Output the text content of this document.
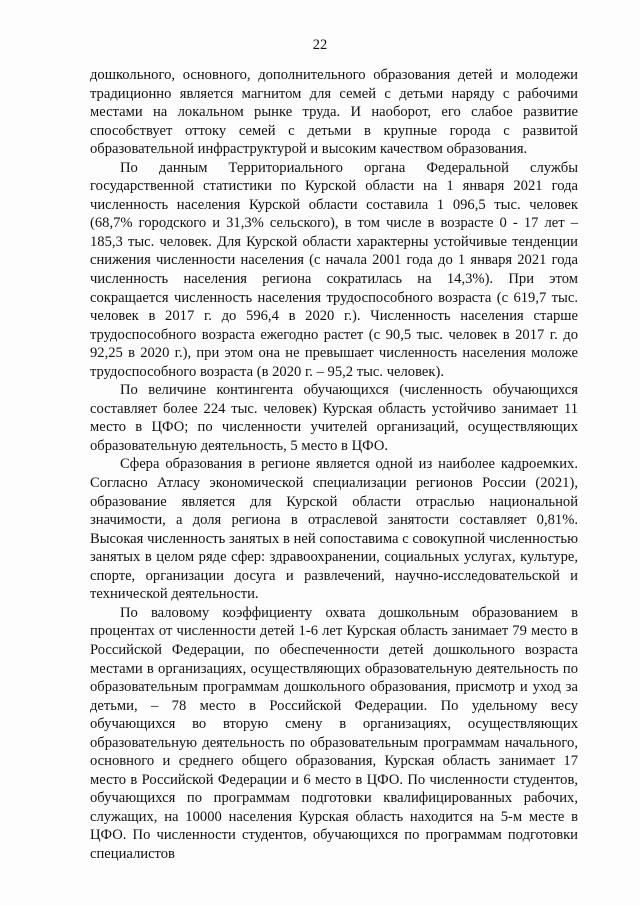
22

дошкольного, основного, дополнительного образования детей и молодежи традиционно является магнитом для семей с детьми наряду с рабочими местами на локальном рынке труда. И наоборот, его слабое развитие способствует оттоку семей с детьми в крупные города с развитой образовательной инфраструктурой и высоким качеством образования.

По данным Территориального органа Федеральной службы государственной статистики по Курской области на 1 января 2021 года численность населения Курской области составила 1 096,5 тыс. человек (68,7% городского и 31,3% сельского), в том числе в возрасте 0 - 17 лет – 185,3 тыс. человек. Для Курской области характерны устойчивые тенденции снижения численности населения (с начала 2001 года до 1 января 2021 года численность населения региона сократилась на 14,3%). При этом сокращается численность населения трудоспособного возраста (с 619,7 тыс. человек в 2017 г. до 596,4 в 2020 г.). Численность населения старше трудоспособного возраста ежегодно растет (с 90,5 тыс. человек в 2017 г. до 92,25 в 2020 г.), при этом она не превышает численность населения моложе трудоспособного возраста (в 2020 г. – 95,2 тыс. человек).

По величине контингента обучающихся (численность обучающихся составляет более 224 тыс. человек) Курская область устойчиво занимает 11 место в ЦФО; по численности учителей организаций, осуществляющих образовательную деятельность, 5 место в ЦФО.

Сфера образования в регионе является одной из наиболее кадроемких. Согласно Атласу экономической специализации регионов России (2021), образование является для Курской области отраслью национальной значимости, а доля региона в отраслевой занятости составляет 0,81%. Высокая численность занятых в ней сопоставима с совокупной численностью занятых в целом ряде сфер: здравоохранении, социальных услугах, культуре, спорте, организации досуга и развлечений, научно-исследовательской и технической деятельности.

По валовому коэффициенту охвата дошкольным образованием в процентах от численности детей 1-6 лет Курская область занимает 79 место в Российской Федерации, по обеспеченности детей дошкольного возраста местами в организациях, осуществляющих образовательную деятельность по образовательным программам дошкольного образования, присмотр и уход за детьми, – 78 место в Российской Федерации. По удельному весу обучающихся во вторую смену в организациях, осуществляющих образовательную деятельность по образовательным программам начального, основного и среднего общего образования, Курская область занимает 17 место в Российской Федерации и 6 место в ЦФО. По численности студентов, обучающихся по программам подготовки квалифицированных рабочих, служащих, на 10000 населения Курская область находится на 5-м месте в ЦФО. По численности студентов, обучающихся по программам подготовки специалистов
